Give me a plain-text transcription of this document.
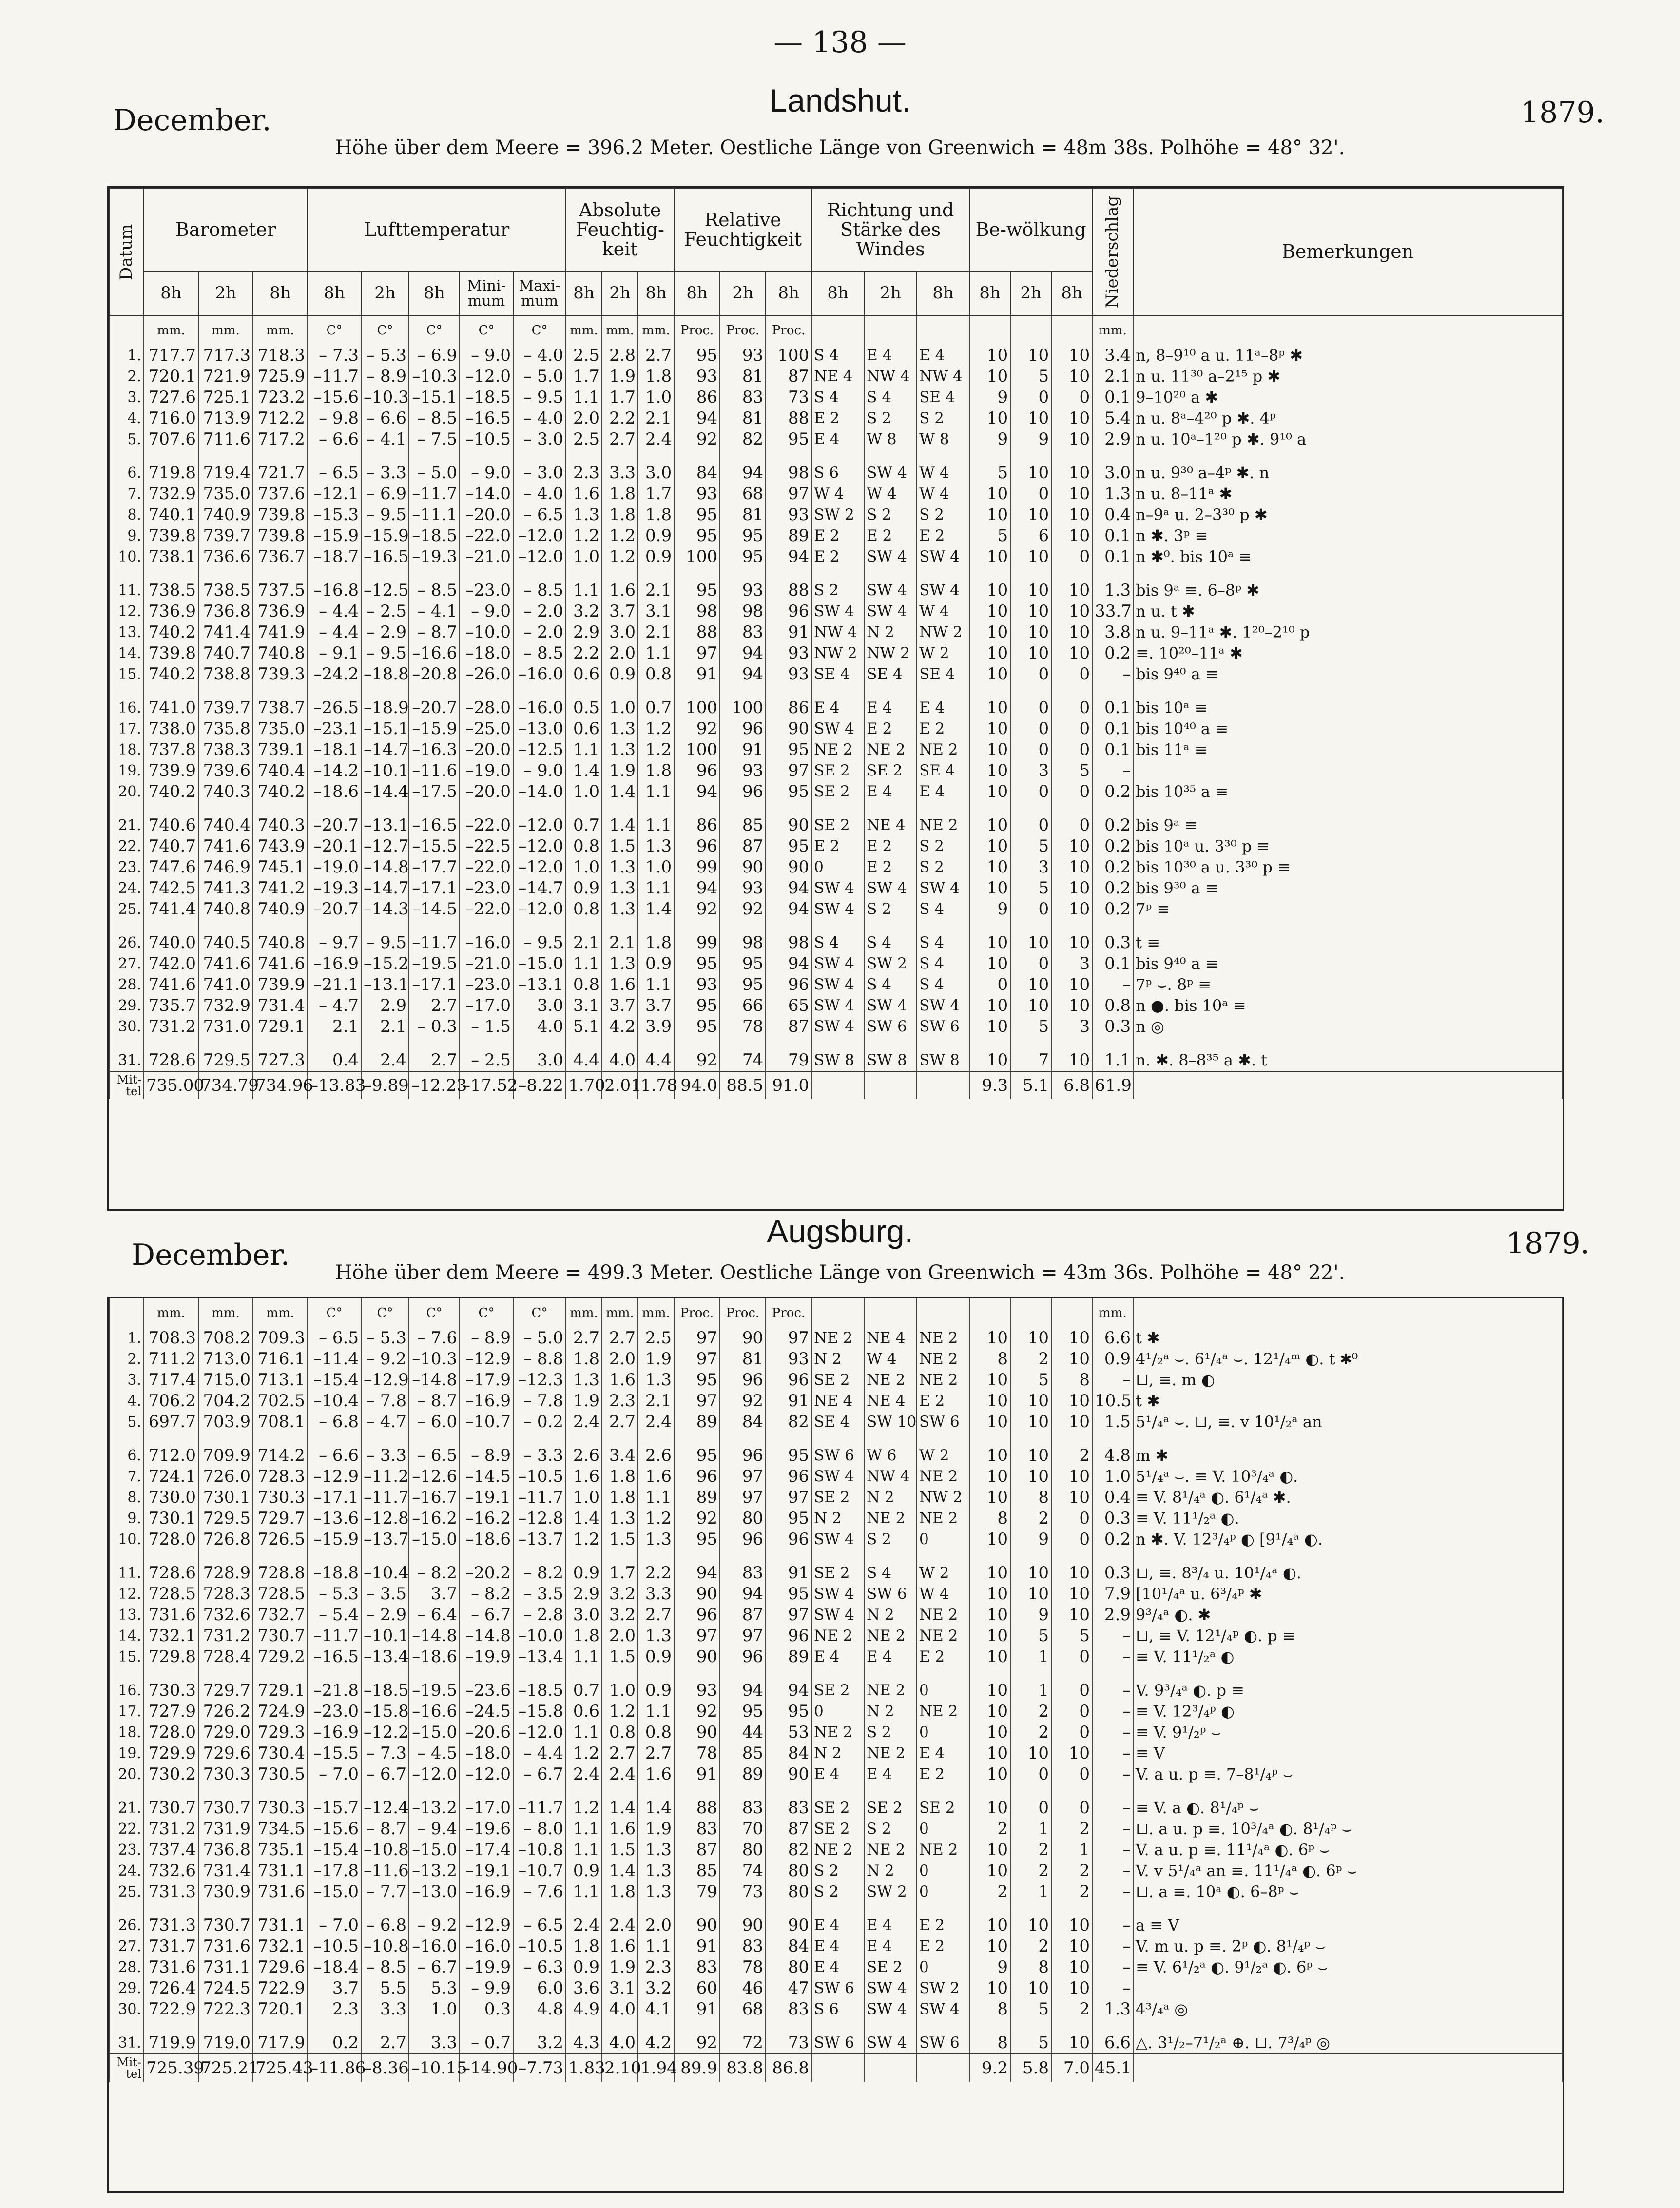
— 138 —
December.
Landshut.	1879.
Höhe über dem Meere = 396.2 Meter. Oestliche Länge von Greenwich = 48m 38s. Polhöhe = 48° 32'.
Datum	Barometer			Lufttemperatur					Absolute Feuchtig-keit			Relative Feuchtigkeit			Richtung und Stärke des Windes			Be-wölkung			Niederschlag	Bemerkungen
	8h	2h	8h	8h	2h	8h	Mini-mum	Maxi-mum	8h	2h	8h	8h	2h	8h	8h	2h	8h	8h	2h	8h		
	mm.	mm.	mm.	C°	C°	C°	C°	C°	mm.	mm.	mm.	Proc.	Proc.	Proc.							mm.	
1.	717.7	717.3	718.3	– 7.3	– 5.3	– 6.9	– 9.0	– 4.0	2.5	2.8	2.7	95	93	100	S 4	E 4	E 4	10	10	10	3.4	n, 8–9¹⁰ a u. 11ᵃ–8ᵖ ✱
2.	720.1	721.9	725.9	–11.7	– 8.9	–10.3	–12.0	– 5.0	1.7	1.9	1.8	93	81	87	NE 4	NW 4	NW 4	10	5	10	2.1	n u. 11³⁰ a–2¹⁵ p ✱
3.	727.6	725.1	723.2	–15.6	–10.3	–15.1	–18.5	– 9.5	1.1	1.7	1.0	86	83	73	S 4	S 4	SE 4	9	0	0	0.1	9–10²⁰ a ✱
4.	716.0	713.9	712.2	– 9.8	– 6.6	– 8.5	–16.5	– 4.0	2.0	2.2	2.1	94	81	88	E 2	S 2	S 2	10	10	10	5.4	n u. 8ᵃ–4²⁰ p ✱. 4ᵖ
5.	707.6	711.6	717.2	– 6.6	– 4.1	– 7.5	–10.5	– 3.0	2.5	2.7	2.4	92	82	95	E 4	W 8	W 8	9	9	10	2.9	n u. 10ᵃ–1²⁰ p ✱. 9¹⁰ a

6.	719.8	719.4	721.7	– 6.5	– 3.3	– 5.0	– 9.0	– 3.0	2.3	3.3	3.0	84	94	98	S 6	SW 4	W 4	5	10	10	3.0	n u. 9³⁰ a–4ᵖ ✱. n
7.	732.9	735.0	737.6	–12.1	– 6.9	–11.7	–14.0	– 4.0	1.6	1.8	1.7	93	68	97	W 4	W 4	W 4	10	0	10	1.3	n u. 8–11ᵃ ✱
8.	740.1	740.9	739.8	–15.3	– 9.5	–11.1	–20.0	– 6.5	1.3	1.8	1.8	95	81	93	SW 2	S 2	S 2	10	10	10	0.4	n–9ᵃ u. 2–3³⁰ p ✱
9.	739.8	739.7	739.8	–15.9	–15.9	–18.5	–22.0	–12.0	1.2	1.2	0.9	95	95	89	E 2	E 2	E 2	5	6	10	0.1	n ✱. 3ᵖ ≡
10.	738.1	736.6	736.7	–18.7	–16.5	–19.3	–21.0	–12.0	1.0	1.2	0.9	100	95	94	E 2	SW 4	SW 4	10	10	0	0.1	n ✱⁰. bis 10ᵃ ≡

11.	738.5	738.5	737.5	–16.8	–12.5	– 8.5	–23.0	– 8.5	1.1	1.6	2.1	95	93	88	S 2	SW 4	SW 4	10	10	10	1.3	bis 9ᵃ ≡. 6–8ᵖ ✱
12.	736.9	736.8	736.9	– 4.4	– 2.5	– 4.1	– 9.0	– 2.0	3.2	3.7	3.1	98	98	96	SW 4	SW 4	W 4	10	10	10	33.7	n u. t ✱
13.	740.2	741.4	741.9	– 4.4	– 2.9	– 8.7	–10.0	– 2.0	2.9	3.0	2.1	88	83	91	NW 4	N 2	NW 2	10	10	10	3.8	n u. 9–11ᵃ ✱. 1²⁰–2¹⁰ p
14.	739.8	740.7	740.8	– 9.1	– 9.5	–16.6	–18.0	– 8.5	2.2	2.0	1.1	97	94	93	NW 2	NW 2	W 2	10	10	10	0.2	≡. 10²⁰–11ᵃ ✱
15.	740.2	738.8	739.3	–24.2	–18.8	–20.8	–26.0	–16.0	0.6	0.9	0.8	91	94	93	SE 4	SE 4	SE 4	10	0	0	–	bis 9⁴⁰ a ≡

16.	741.0	739.7	738.7	–26.5	–18.9	–20.7	–28.0	–16.0	0.5	1.0	0.7	100	100	86	E 4	E 4	E 4	10	0	0	0.1	bis 10ᵃ ≡
17.	738.0	735.8	735.0	–23.1	–15.1	–15.9	–25.0	–13.0	0.6	1.3	1.2	92	96	90	SW 4	E 2	E 2	10	0	0	0.1	bis 10⁴⁰ a ≡
18.	737.8	738.3	739.1	–18.1	–14.7	–16.3	–20.0	–12.5	1.1	1.3	1.2	100	91	95	NE 2	NE 2	NE 2	10	0	0	0.1	bis 11ᵃ ≡
19.	739.9	739.6	740.4	–14.2	–10.1	–11.6	–19.0	– 9.0	1.4	1.9	1.8	96	93	97	SE 2	SE 2	SE 4	10	3	5	–	
20.	740.2	740.3	740.2	–18.6	–14.4	–17.5	–20.0	–14.0	1.0	1.4	1.1	94	96	95	SE 2	E 4	E 4	10	0	0	0.2	bis 10³⁵ a ≡

21.	740.6	740.4	740.3	–20.7	–13.1	–16.5	–22.0	–12.0	0.7	1.4	1.1	86	85	90	SE 2	NE 4	NE 2	10	0	0	0.2	bis 9ᵃ ≡
22.	740.7	741.6	743.9	–20.1	–12.7	–15.5	–22.5	–12.0	0.8	1.5	1.3	96	87	95	E 2	E 2	S 2	10	5	10	0.2	bis 10ᵃ u. 3³⁰ p ≡
23.	747.6	746.9	745.1	–19.0	–14.8	–17.7	–22.0	–12.0	1.0	1.3	1.0	99	90	90	0	E 2	S 2	10	3	10	0.2	bis 10³⁰ a u. 3³⁰ p ≡
24.	742.5	741.3	741.2	–19.3	–14.7	–17.1	–23.0	–14.7	0.9	1.3	1.1	94	93	94	SW 4	SW 4	SW 4	10	5	10	0.2	bis 9³⁰ a ≡
25.	741.4	740.8	740.9	–20.7	–14.3	–14.5	–22.0	–12.0	0.8	1.3	1.4	92	92	94	SW 4	S 2	S 4	9	0	10	0.2	7ᵖ ≡

26.	740.0	740.5	740.8	– 9.7	– 9.5	–11.7	–16.0	– 9.5	2.1	2.1	1.8	99	98	98	S 4	S 4	S 4	10	10	10	0.3	t ≡
27.	742.0	741.6	741.6	–16.9	–15.2	–19.5	–21.0	–15.0	1.1	1.3	0.9	95	95	94	SW 4	SW 2	S 4	10	0	3	0.1	bis 9⁴⁰ a ≡
28.	741.6	741.0	739.9	–21.1	–13.1	–17.1	–23.0	–13.1	0.8	1.6	1.1	93	95	96	SW 4	S 4	S 4	0	10	10	–	7ᵖ ⌣. 8ᵖ ≡
29.	735.7	732.9	731.4	– 4.7	2.9	2.7	–17.0	3.0	3.1	3.7	3.7	95	66	65	SW 4	SW 4	SW 4	10	10	10	0.8	n ●. bis 10ᵃ ≡
30.	731.2	731.0	729.1	2.1	2.1	– 0.3	– 1.5	4.0	5.1	4.2	3.9	95	78	87	SW 4	SW 6	SW 6	10	5	3	0.3	n ◎

31.	728.6	729.5	727.3	0.4	2.4	2.7	– 2.5	3.0	4.4	4.0	4.4	92	74	79	SW 8	SW 8	SW 8	10	7	10	1.1	n. ✱. 8–8³⁵ a ✱. t
Mit-tel	735.00	734.79	734.96	–13.83	–9.89	–12.23	–17.52	–8.22	1.70	2.01	1.78	94.0	88.5	91.0				9.3	5.1	6.8	61.9	
December.
Augsburg.	1879.
Höhe über dem Meere = 499.3 Meter. Oestliche Länge von Greenwich = 43m 36s. Polhöhe = 48° 22'.
	mm.	mm.	mm.	C°	C°	C°	C°	C°	mm.	mm.	mm.	Proc.	Proc.	Proc.							mm.	
1.	708.3	708.2	709.3	– 6.5	– 5.3	– 7.6	– 8.9	– 5.0	2.7	2.7	2.5	97	90	97	NE 2	NE 4	NE 2	10	10	10	6.6	t ✱
2.	711.2	713.0	716.1	–11.4	– 9.2	–10.3	–12.9	– 8.8	1.8	2.0	1.9	97	81	93	N 2	W 4	NE 2	8	2	10	0.9	4¹/₂ᵃ ⌣. 6¹/₄ᵃ ⌣. 12¹/₄ᵐ ◐. t ✱⁰
3.	717.4	715.0	713.1	–15.4	–12.9	–14.8	–17.9	–12.3	1.3	1.6	1.3	95	96	96	SE 2	NE 2	NE 2	10	5	8	–	⊔, ≡. m ◐
4.	706.2	704.2	702.5	–10.4	– 7.8	– 8.7	–16.9	– 7.8	1.9	2.3	2.1	97	92	91	NE 4	NE 4	E 2	10	10	10	10.5	t ✱
5.	697.7	703.9	708.1	– 6.8	– 4.7	– 6.0	–10.7	– 0.2	2.4	2.7	2.4	89	84	82	SE 4	SW 10	SW 6	10	10	10	1.5	5¹/₄ᵃ ⌣. ⊔, ≡. v 10¹/₂ᵃ an

6.	712.0	709.9	714.2	– 6.6	– 3.3	– 6.5	– 8.9	– 3.3	2.6	3.4	2.6	95	96	95	SW 6	W 6	W 2	10	10	2	4.8	m ✱
7.	724.1	726.0	728.3	–12.9	–11.2	–12.6	–14.5	–10.5	1.6	1.8	1.6	96	97	96	SW 4	NW 4	NE 2	10	10	10	1.0	5¹/₄ᵃ ⌣. ≡ V. 10³/₄ᵃ ◐.
8.	730.0	730.1	730.3	–17.1	–11.7	–16.7	–19.1	–11.7	1.0	1.8	1.1	89	97	97	SE 2	N 2	NW 2	10	8	10	0.4	≡ V. 8¹/₄ᵃ ◐. 6¹/₄ᵃ ✱.
9.	730.1	729.5	729.7	–13.6	–12.8	–16.2	–16.2	–12.8	1.4	1.3	1.2	92	80	95	N 2	NE 2	NE 2	8	2	0	0.3	≡ V. 11¹/₂ᵃ ◐.
10.	728.0	726.8	726.5	–15.9	–13.7	–15.0	–18.6	–13.7	1.2	1.5	1.3	95	96	96	SW 4	S 2	0	10	9	0	0.2	n ✱. V. 12³/₄ᵖ ◐ [9¹/₄ᵃ ◐.

11.	728.6	728.9	728.8	–18.8	–10.4	– 8.2	–20.2	– 8.2	0.9	1.7	2.2	94	83	91	SE 2	S 4	W 2	10	10	10	0.3	⊔, ≡. 8³/₄ u. 10¹/₄ᵃ ◐.
12.	728.5	728.3	728.5	– 5.3	– 3.5	3.7	– 8.2	– 3.5	2.9	3.2	3.3	90	94	95	SW 4	SW 6	W 4	10	10	10	7.9	[10¹/₄ᵃ u. 6³/₄ᵖ ✱
13.	731.6	732.6	732.7	– 5.4	– 2.9	– 6.4	– 6.7	– 2.8	3.0	3.2	2.7	96	87	97	SW 4	N 2	NE 2	10	9	10	2.9	9³/₄ᵃ ◐. ✱
14.	732.1	731.2	730.7	–11.7	–10.1	–14.8	–14.8	–10.0	1.8	2.0	1.3	97	97	96	NE 2	NE 2	NE 2	10	5	5	–	⊔, ≡ V. 12¹/₄ᵖ ◐. p ≡
15.	729.8	728.4	729.2	–16.5	–13.4	–18.6	–19.9	–13.4	1.1	1.5	0.9	90	96	89	E 4	E 4	E 2	10	1	0	–	≡ V. 11¹/₂ᵃ ◐

16.	730.3	729.7	729.1	–21.8	–18.5	–19.5	–23.6	–18.5	0.7	1.0	0.9	93	94	94	SE 2	NE 2	0	10	1	0	–	V. 9³/₄ᵃ ◐. p ≡
17.	727.9	726.2	724.9	–23.0	–15.8	–16.6	–24.5	–15.8	0.6	1.2	1.1	92	95	95	0	N 2	NE 2	10	2	0	–	≡ V. 12³/₄ᵖ ◐
18.	728.0	729.0	729.3	–16.9	–12.2	–15.0	–20.6	–12.0	1.1	0.8	0.8	90	44	53	NE 2	S 2	0	10	2	0	–	≡ V. 9¹/₂ᵖ ⌣
19.	729.9	729.6	730.4	–15.5	– 7.3	– 4.5	–18.0	– 4.4	1.2	2.7	2.7	78	85	84	N 2	NE 2	E 4	10	10	10	–	≡ V
20.	730.2	730.3	730.5	– 7.0	– 6.7	–12.0	–12.0	– 6.7	2.4	2.4	1.6	91	89	90	E 4	E 4	E 2	10	0	0	–	V. a u. p ≡. 7–8¹/₄ᵖ ⌣

21.	730.7	730.7	730.3	–15.7	–12.4	–13.2	–17.0	–11.7	1.2	1.4	1.4	88	83	83	SE 2	SE 2	SE 2	10	0	0	–	≡ V. a ◐. 8¹/₄ᵖ ⌣
22.	731.2	731.9	734.5	–15.6	– 8.7	– 9.4	–19.6	– 8.0	1.1	1.6	1.9	83	70	87	SE 2	S 2	0	2	1	2	–	⊔. a u. p ≡. 10³/₄ᵃ ◐. 8¹/₄ᵖ ⌣
23.	737.4	736.8	735.1	–15.4	–10.8	–15.0	–17.4	–10.8	1.1	1.5	1.3	87	80	82	NE 2	NE 2	NE 2	10	2	1	–	V. a u. p ≡. 11¹/₄ᵃ ◐. 6ᵖ ⌣
24.	732.6	731.4	731.1	–17.8	–11.6	–13.2	–19.1	–10.7	0.9	1.4	1.3	85	74	80	S 2	N 2	0	10	2	2	–	V. v 5¹/₄ᵃ an ≡. 11¹/₄ᵃ ◐. 6ᵖ ⌣
25.	731.3	730.9	731.6	–15.0	– 7.7	–13.0	–16.9	– 7.6	1.1	1.8	1.3	79	73	80	S 2	SW 2	0	2	1	2	–	⊔. a ≡. 10ᵃ ◐. 6–8ᵖ ⌣

26.	731.3	730.7	731.1	– 7.0	– 6.8	– 9.2	–12.9	– 6.5	2.4	2.4	2.0	90	90	90	E 4	E 4	E 2	10	10	10	–	a ≡ V
27.	731.7	731.6	732.1	–10.5	–10.8	–16.0	–16.0	–10.5	1.8	1.6	1.1	91	83	84	E 4	E 4	E 2	10	2	10	–	V. m u. p ≡. 2ᵖ ◐. 8¹/₄ᵖ ⌣
28.	731.6	731.1	729.6	–18.4	– 8.5	– 6.7	–19.9	– 6.3	0.9	1.9	2.3	83	78	80	E 4	SE 2	0	9	8	10	–	≡ V. 6¹/₂ᵃ ◐. 9¹/₂ᵃ ◐. 6ᵖ ⌣
29.	726.4	724.5	722.9	3.7	5.5	5.3	– 9.9	6.0	3.6	3.1	3.2	60	46	47	SW 6	SW 4	SW 2	10	10	10	–	
30.	722.9	722.3	720.1	2.3	3.3	1.0	0.3	4.8	4.9	4.0	4.1	91	68	83	S 6	SW 4	SW 4	8	5	2	1.3	4³/₄ᵃ ◎

31.	719.9	719.0	717.9	0.2	2.7	3.3	– 0.7	3.2	4.3	4.0	4.2	92	72	73	SW 6	SW 4	SW 6	8	5	10	6.6	△. 3¹/₂–7¹/₂ᵃ ⊕. ⊔. 7³/₄ᵖ ◎
Mit-tel	725.39	725.21	725.43	–11.86	–8.36	–10.15	–14.90	–7.73	1.83	2.10	1.94	89.9	83.8	86.8				9.2	5.8	7.0	45.1	
